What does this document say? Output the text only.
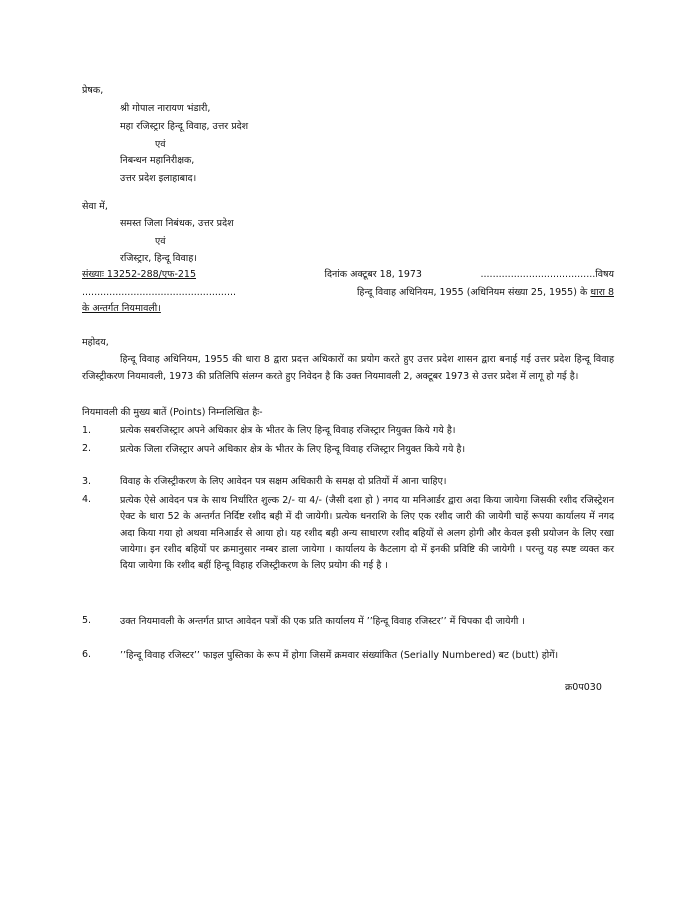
प्रेषक,
श्री गोपाल नारायण भंडारी,
महा रजिस्ट्रार हिन्दू विवाह, उत्तर प्रदेश
एवं
निबन्धन महानिरीक्षक,
उत्तर प्रदेश इलाहाबाद।
सेवा में,
समस्त जिला निबंधक, उत्तर प्रदेश
एवं
रजिस्ट्रार, हिन्दू विवाह।
संख्याः 13252-288/एफ-215	दिनांक अक्टूबर 18, 1973	......................................विषय
...................................................	हिन्दू विवाह अधिनियम, 1955 (अधिनियम संख्या 25, 1955) के धारा 8
के अन्तर्गत नियमावली।
महोदय,
हिन्दू विवाह अधिनियम, 1955 की धारा 8 द्वारा प्रदत्त अधिकारों का प्रयोग करते हुए उत्तर प्रदेश शासन द्वारा बनाई गई उत्तर प्रदेश हिन्दू विवाह रजिस्ट्रीकरण नियमावली, 1973 की प्रतिलिपि संलग्न करते हुए निवेदन है कि उक्त नियमावली 2, अक्टूबर 1973 से उत्तर प्रदेश में लागू हो गई है।
नियमावली की मुख्य बातें (Points) निम्नलिखित हैः-
1.	प्रत्येक सबरजिस्ट्रार अपने अधिकार क्षेत्र के भीतर के लिए हिन्दू विवाह रजिस्ट्रार नियुक्त किये गये है।
2.	प्रत्येक जिला रजिस्ट्रार अपने अधिकार क्षेत्र के भीतर के लिए हिन्दू विवाह रजिस्ट्रार नियुक्त किये गये है।
3.	विवाह के रजिस्ट्रीकरण के लिए आवेदन पत्र सक्षम अधिकारी के समक्ष दो प्रतियों में आना चाहिए।
4.	प्रत्येक ऐसे आवेदन पत्र के साथ निर्धारित शुल्क 2/- या 4/- (जैसी दशा हो ) नगद या मनिआर्डर द्वारा अदा किया जायेगा जिसकी रशीद रजिस्ट्रेशन ऐक्ट के धारा 52 के अन्तर्गत निर्दिष्ट रशीद बही में दी जायेगी। प्रत्येक धनराशि के लिए एक रशीद जारी की जायेगी चाहें रूपया कार्यालय में नगद अदा किया गया हो अथवा मनिआर्डर से आया हो। यह रशीद बही अन्य साधारण रशीद बहियों से अलग होगी और केवल इसी प्रयोजन के लिए रखा जायेगा। इन रशीद बहियों पर क्रमानुसार नम्बर डाला जायेगा । कार्यालय के कैटलाग दो में इनकी प्रविष्टि की जायेगी । परन्तु यह स्पष्ट व्यक्त कर दिया जायेगा कि रशीद बहीं हिन्दू विहाह रजिस्ट्रीकरण के लिए प्रयोग की गई है ।
5.	उक्त नियमावली के अन्तर्गत प्राप्त आवेदन पत्रों की एक प्रति कार्यालय में ’’हिन्दू विवाह रजिस्टर’’ में चिपका दी जायेगी ।
6.	’’हिन्दू विवाह रजिस्टर’’ फाइल पुस्तिका के रूप में होगा जिसमें क्रमवार संख्यांकित (Serially Numbered) बट (butt) होगें।
क्र0प030
